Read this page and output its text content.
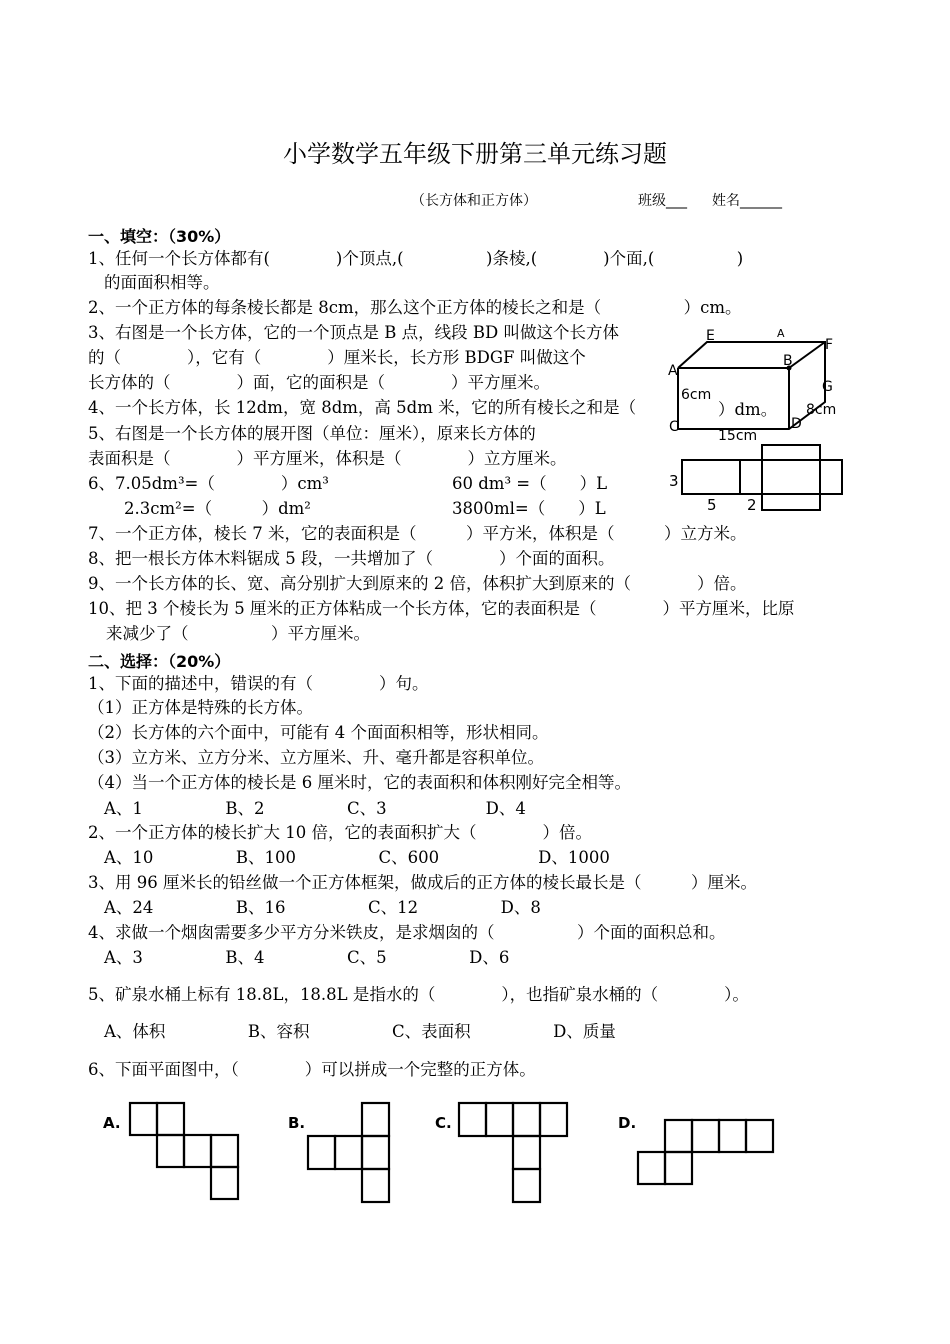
小学数学五年级下册第三单元练习题
（长方体和正方体）	班级___ 姓名______
一、填空：（30%）
1、任何一个长方体都有(　　　　)个顶点,(　　　　　)条棱,(　　　　)个面,(　　　　　)
的面面积相等。
2、一个正方体的每条棱长都是 8cm，那么这个正方体的棱长之和是（　　　　　）cm。
3、右图是一个长方体，它的一个顶点是 B 点，线段 BD 叫做这个长方体
的（　　　　），它有（　　　　）厘米长，长方形 BDGF 叫做这个
长方体的（　　　　）面，它的面积是（　　　　）平方厘米。
4、一个长方体，长 12dm，宽 8dm，高 5dm 米，它的所有棱长之和是（	）dm。
5、右图是一个长方体的展开图（单位：厘米），原来长方体的
表面积是（　　　　）平方厘米，体积是（　　　　）立方厘米。
6、7.05dm³=（　　　　）cm³	60 dm³ =（　　）L
2.3cm²=（　　　）dm²	3800ml=（　　）L
7、一个正方体，棱长 7 米，它的表面积是（　　　）平方米，体积是（　　　）立方米。
8、把一根长方体木料锯成 5 段，一共增加了（　　　　）个面的面积。
9、一个长方体的长、宽、高分别扩大到原来的 2 倍，体积扩大到原来的（　　　　）倍。
10、把 3 个棱长为 5 厘米的正方体粘成一个长方体，它的表面积是（　　　　）平方厘米，比原
来减少了（　　　　　）平方厘米。
E	A
F
A
B
G
6cm
8cm
C
15cm
D
3
5 2
二、选择：（20%）
1、下面的描述中，错误的有（　　　　）句。
（1）正方体是特殊的长方体。
（2）长方体的六个面中，可能有 4 个面面积相等，形状相同。
（3）立方米、立方分米、立方厘米、升、毫升都是容积单位。
（4）当一个正方体的棱长是 6 厘米时，它的表面积和体积刚好完全相等。
A、1　　　　　B、2　　　　　C、3　　　　　　D、4
2、一个正方体的棱长扩大 10 倍，它的表面积扩大（　　　　）倍。
A、10　　　　　B、100　　　　　C、600　　　　　　D、1000
3、用 96 厘米长的铅丝做一个正方体框架，做成后的正方体的棱长最长是（　　　）厘米。
A、24　　　　　B、16　　　　　C、12　　　　　D、8
4、求做一个烟囱需要多少平方分米铁皮，是求烟囱的（　　　　　）个面的面积总和。
A、3　　　　　B、4　　　　　C、5　　　　　D、6
5、矿泉水桶上标有 18.8L，18.8L 是指水的（　　　　），也指矿泉水桶的（　　　　）。
A、体积　　　　　B、容积　　　　　C、表面积　　　　　D、质量
6、下面平面图中，（　　　　）可以拼成一个完整的正方体。
A.	B.	C.	D.
